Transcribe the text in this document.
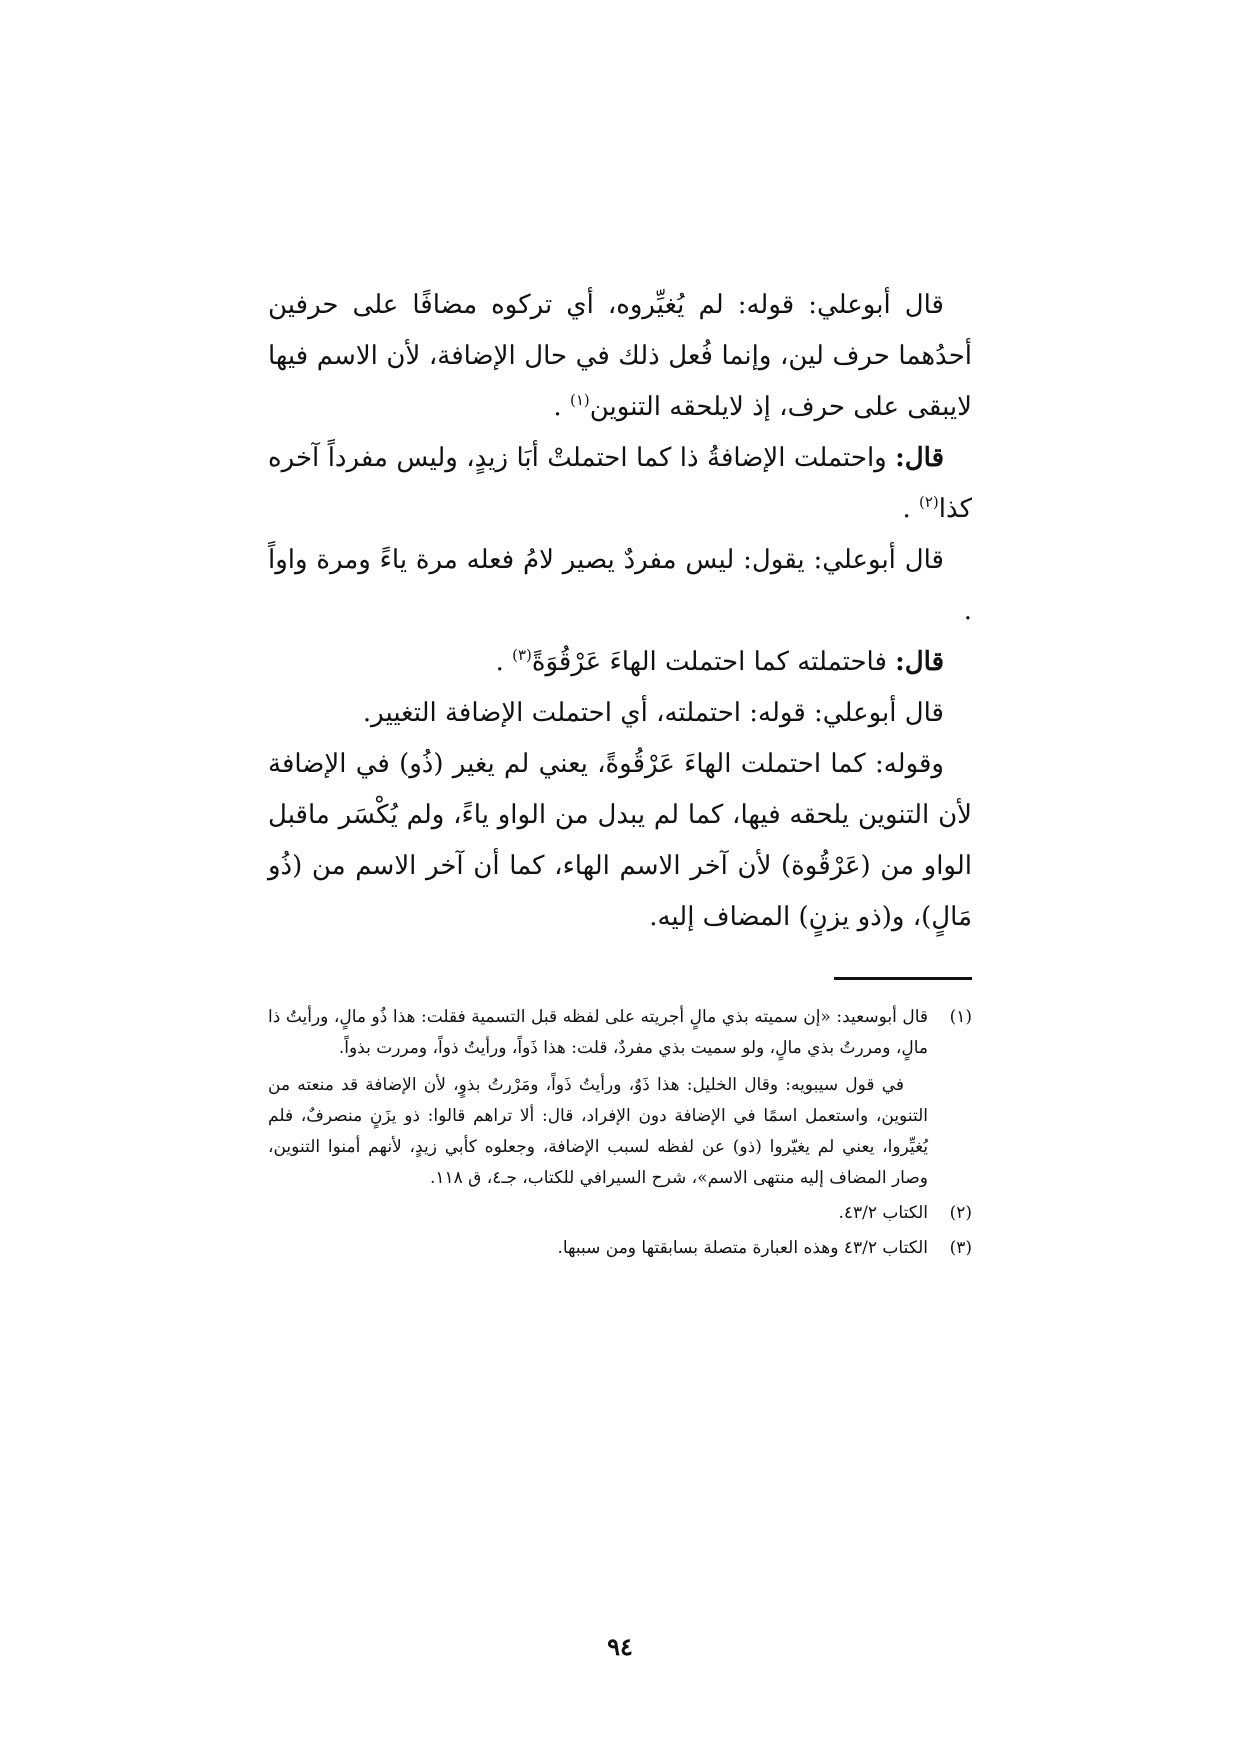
قال أبوعلي: قوله: لم يُغيِّروه، أي تركوه مضافًا على حرفين أحدُهما حرف لين، وإنما فُعل ذلك في حال الإضافة، لأن الاسم فيها لايبقى على حرف، إذ لايلحقه التنوين$^{(١)}$ .

قال: واحتملت الإضافةُ ذا كما احتملتْ أبَا زيدٍ، وليس مفرداً آخره كذا$^{(٢)}$ .

قال أبوعلي: يقول: ليس مفردٌ يصير لامُ فعله مرة ياءً ومرة واواً .

قال: فاحتملته كما احتملت الهاءَ عَرْقُوَةً$^{(٣)}$ .

قال أبوعلي: قوله: احتملته، أي احتملت الإضافة التغيير.

وقوله: كما احتملت الهاءَ عَرْقُوةً، يعني لم يغير (ذُو) في الإضافة لأن التنوين يلحقه فيها، كما لم يبدل من الواو ياءً، ولم يُكْسَر ماقبل الواو من (عَرْقُوة) لأن آخر الاسم الهاء، كما أن آخر الاسم من (ذُو مَالٍ)، و(ذو يزنٍ) المضاف إليه.

(١)

قال أبوسعيد: «إن سميته بذي مالٍ أجريته على لفظه قبل التسمية فقلت: هذا ذُو مالٍ، ورأيتُ ذا مالٍ، ومررتُ بذي مالٍ، ولو سميت بذي مفردٌ، قلت: هذا ذَواً، ورأيتُ ذواً، ومررت بذواً.

في قول سيبويه: وقال الخليل: هذا ذَوٌ، ورأيتُ ذَواً، ومَرْرتُ بذوٍ، لأن الإضافة قد منعته من التنوين، واستعمل اسمًا في الإضافة دون الإفراد، قال: ألا تراهم قالوا: ذو يزَنٍ منصرفٌ، فلم يُغيِّروا، يعني لم يغيّروا (ذو) عن لفظه لسبب الإضافة، وجعلوه كأبي زيدٍ، لأنهم أمنوا التنوين، وصار المضاف إليه منتهى الاسم»، شرح السيرافي للكتاب، جـ٤، ق ١١٨.

(٢)

الكتاب ٤٣/٢.

(٣)

الكتاب ٤٣/٢ وهذه العبارة متصلة بسابقتها ومن سببها.

٩٤
